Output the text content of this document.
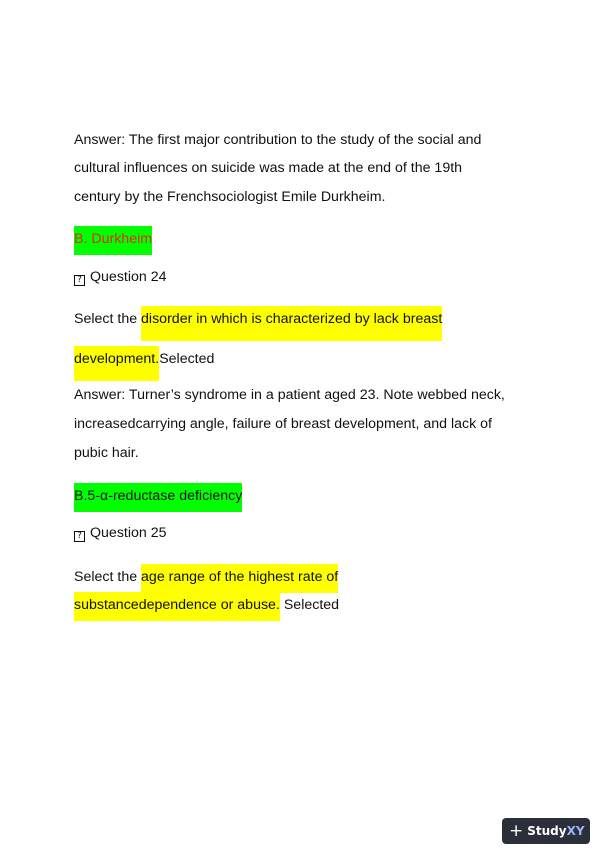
Answer: The first major contribution to the study of the social and
cultural influences on suicide was made at the end of the 19th
century by the Frenchsociologist Emile Durkheim.
B. Durkheim
? Question 24
Select the disorder in which is characterized by lack breast
development.Selected
Answer: Turner’s syndrome in a patient aged 23. Note webbed neck,
increasedcarrying angle, failure of breast development, and lack of
pubic hair.
B.5-α-reductase deficiency
? Question 25
Select the age range of the highest rate of
substancedependence or abuse. Selected
+ StudyXY
